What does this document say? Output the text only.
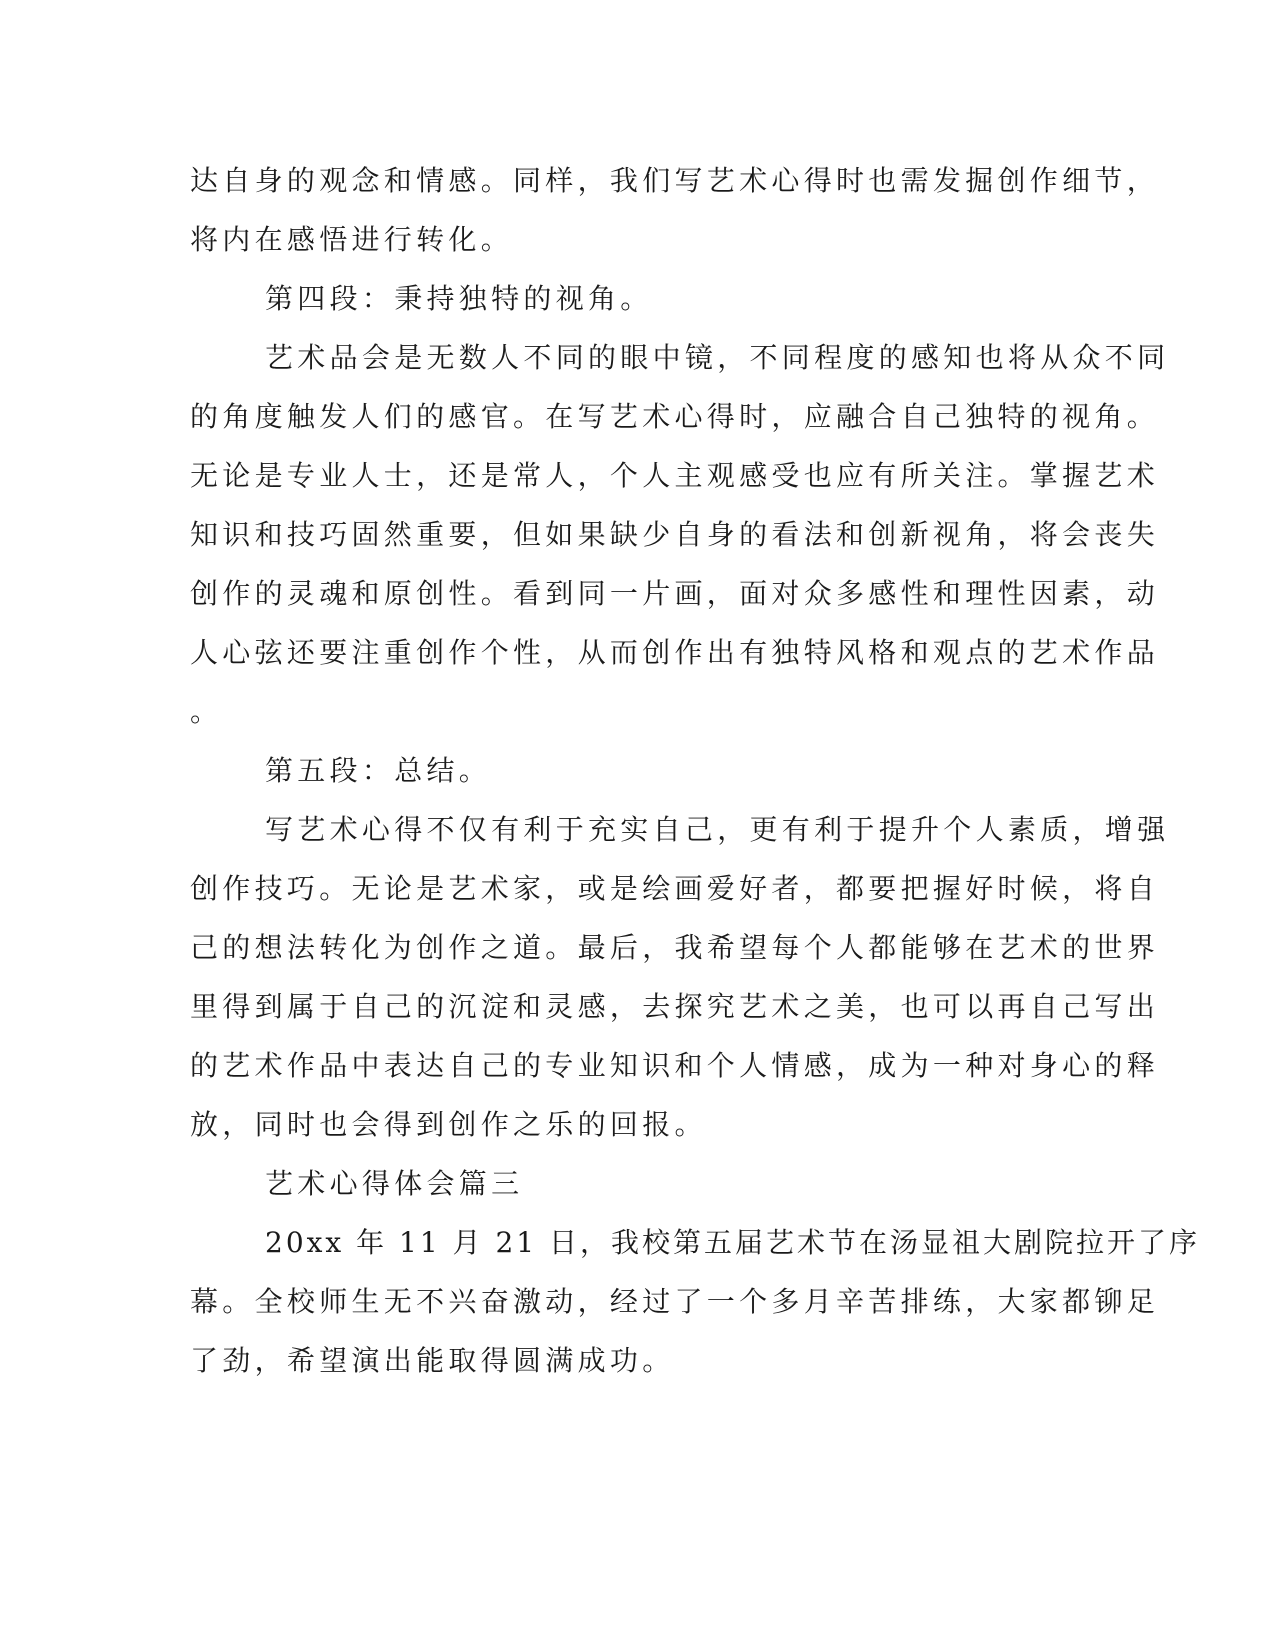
达自身的观念和情感。同样，我们写艺术心得时也需发掘创作细节，
将内在感悟进行转化。
第四段：秉持独特的视角。
艺术品会是无数人不同的眼中镜，不同程度的感知也将从众不同
的角度触发人们的感官。在写艺术心得时，应融合自己独特的视角。
无论是专业人士，还是常人，个人主观感受也应有所关注。掌握艺术
知识和技巧固然重要，但如果缺少自身的看法和创新视角，将会丧失
创作的灵魂和原创性。看到同一片画，面对众多感性和理性因素，动
人心弦还要注重创作个性，从而创作出有独特风格和观点的艺术作品
。
第五段：总结。
写艺术心得不仅有利于充实自己，更有利于提升个人素质，增强
创作技巧。无论是艺术家，或是绘画爱好者，都要把握好时候，将自
己的想法转化为创作之道。最后，我希望每个人都能够在艺术的世界
里得到属于自己的沉淀和灵感，去探究艺术之美，也可以再自己写出
的艺术作品中表达自己的专业知识和个人情感，成为一种对身心的释
放，同时也会得到创作之乐的回报。
艺术心得体会篇三
20xx 年 11 月 21 日，我校第五届艺术节在汤显祖大剧院拉开了序
幕。全校师生无不兴奋激动，经过了一个多月辛苦排练，大家都铆足
了劲，希望演出能取得圆满成功。
